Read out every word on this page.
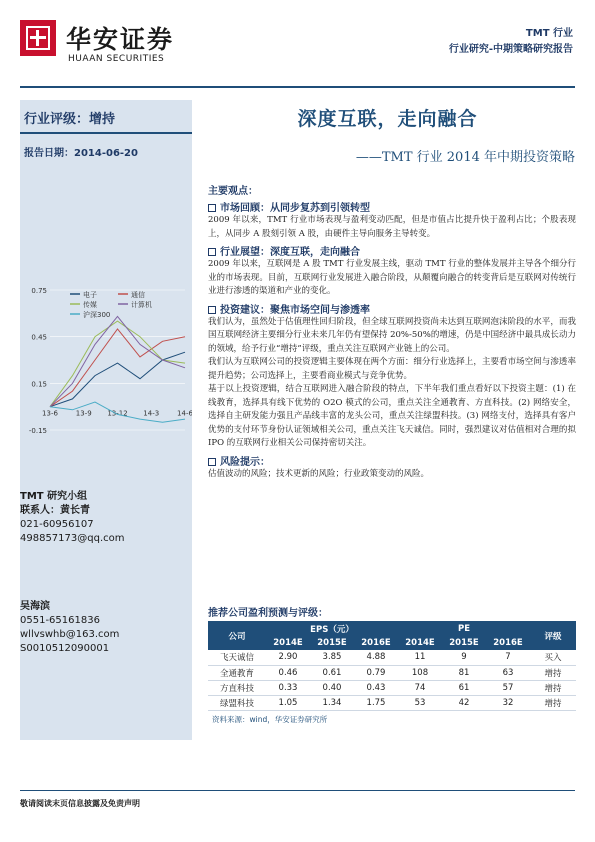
华安证券
HUAAN SECURITIES
TMT 行业
行业研究-中期策略研究报告
行业评级：增持
报告日期：2014-06-20
-0.15
0.15
0.45
0.75
13-6	13-9 13-12 14-3	14-6
电子	通信
传媒	计算机
沪深300
TMT 研究小组
联系人：黄长青
021-60956107
498857173@qq.com
吴海滨
0551-65161836
wllvswhb@163.com
S0010512090001
深度互联，走向融合
——TMT 行业 2014 年中期投资策略
主要观点：
市场回顾：从同步复苏到引领转型
2009 年以来，TMT 行业市场表现与盈利变动匹配，但是市值占比提升快于盈利占比；个股表现上，从同步 A 股刻引领 A 股，由硬件主导向服务主导转变。
行业展望：深度互联，走向融合
2009 年以来，互联网是 A 股 TMT 行业发展主线，驱动 TMT 行业的整体发展并主导各个细分行业的市场表现。目前，互联网行业发展进入融合阶段，从颠覆向融合的转变背后是互联网对传统行业进行渗透的渠道和产业的变化。
投资建议：聚焦市场空间与渗透率
我们认为，虽然处于估值理性回归阶段，但全球互联网投资尚未达到互联网泡沫阶段的水平，而我国互联网经济主要细分行业未来几年仍有望保持 20%-50%的增速，仍是中国经济中最具成长动力的领域，给予行业“增持”评级，重点关注互联网产业链上的公司。
我们认为互联网公司的投资逻辑主要体现在两个方面：细分行业选择上，主要看市场空间与渗透率提升趋势；公司选择上，主要看商业模式与竞争优势。
基于以上投资逻辑，结合互联网进入融合阶段的特点，下半年我们重点看好以下投资主题：(1) 在线教育，选择具有线下优势的 O2O 模式的公司，重点关注全通教育、方直科技。(2) 网络安全，选择自主研发能力强且产品线丰富的龙头公司，重点关注绿盟科技。(3) 网络支付，选择具有客户优势的支付环节身份认证领域相关公司，重点关注飞天诚信。同时，强烈建议对估值相对合理的拟 IPO 的互联网行业相关公司保持密切关注。
风险提示：
估值波动的风险；技术更新的风险；行业政策变动的风险。
推荐公司盈利预测与评级：
公司	EPS（元）			PE			评级
	2014E	2015E	2016E	2014E	2015E	2016E	
飞天诚信	2.90	3.85	4.88	11	9	7	买入
全通教育	0.46	0.61	0.79	108	81	63	增持
方直科技	0.33	0.40	0.43	74	61	57	增持
绿盟科技	1.05	1.34	1.75	53	42	32	增持
资料来源：wind，华安证券研究所
敬请阅读末页信息披露及免责声明
